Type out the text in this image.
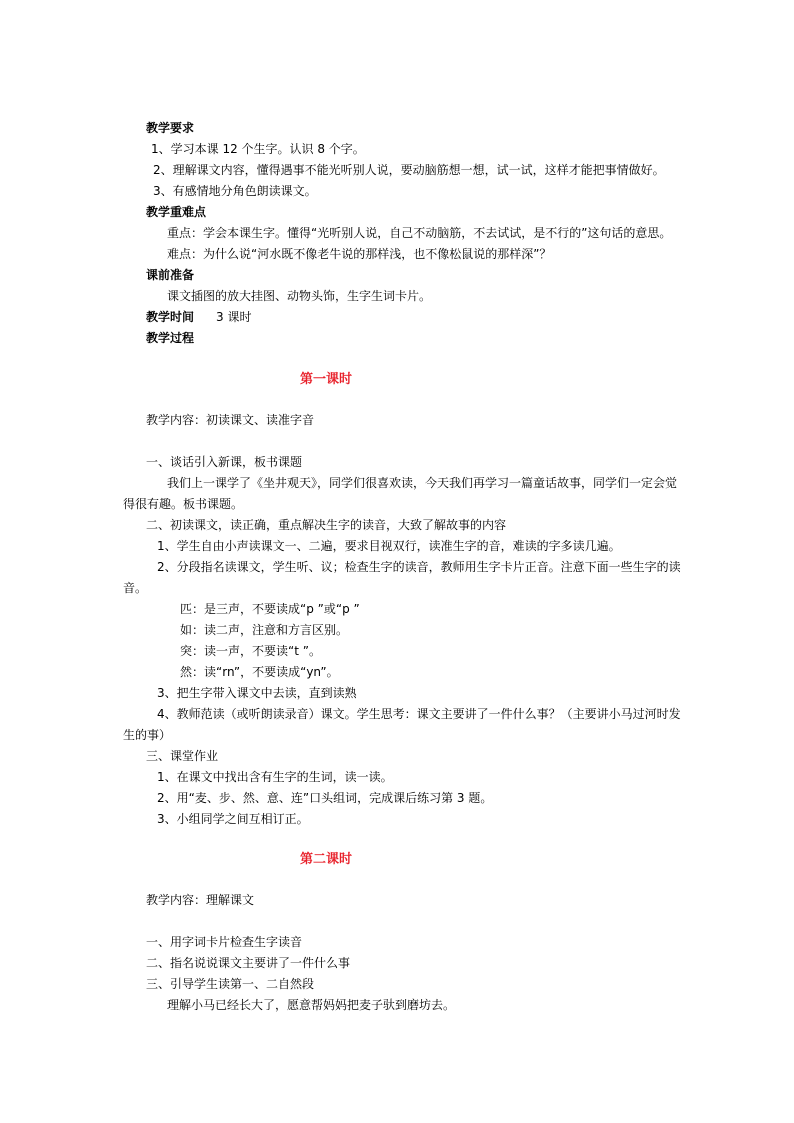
教学要求
1、学习本课 12 个生字。认识 8 个字。
2、理解课文内容，懂得遇事不能光听别人说，要动脑筋想一想，试一试，这样才能把事情做好。
3、有感情地分角色朗读课文。
教学重难点
重点：学会本课生字。懂得“光听别人说，自己不动脑筋，不去试试，是不行的”这句话的意思。
难点：为什么说“河水既不像老牛说的那样浅，也不像松鼠说的那样深”？
课前准备
课文插图的放大挂图、动物头饰，生字生词卡片。
教学时间 3 课时
教学过程
第一课时
教学内容：初读课文、读准字音
一、谈话引入新课，板书课题
我们上一课学了《坐井观天》，同学们很喜欢读，今天我们再学习一篇童话故事，同学们一定会觉
得很有趣。板书课题。
二、初读课文，读正确，重点解决生字的读音，大致了解故事的内容
1、学生自由小声读课文一、二遍，要求目视双行，读准生字的音，难读的字多读几遍。
2、分段指名读课文，学生听、议；检查生字的读音，教师用生字卡片正音。注意下面一些生字的读
音。
匹：是三声，不要读成“p ”或“p ”
如：读二声，注意和方言区别。
突：读一声，不要读“t ”。
然：读“rn”，不要读成“yn”。
3、把生字带入课文中去读，直到读熟
4、教师范读（或听朗读录音）课文。学生思考：课文主要讲了一件什么事？（主要讲小马过河时发
生的事）
三、课堂作业
1、在课文中找出含有生字的生词，读一读。
2、用“麦、步、然、意、连”口头组词，完成课后练习第 3 题。
3、小组同学之间互相订正。
第二课时
教学内容：理解课文
一、用字词卡片检查生字读音
二、指名说说课文主要讲了一件什么事
三、引导学生读第一、二自然段
理解小马已经长大了，愿意帮妈妈把麦子驮到磨坊去。
